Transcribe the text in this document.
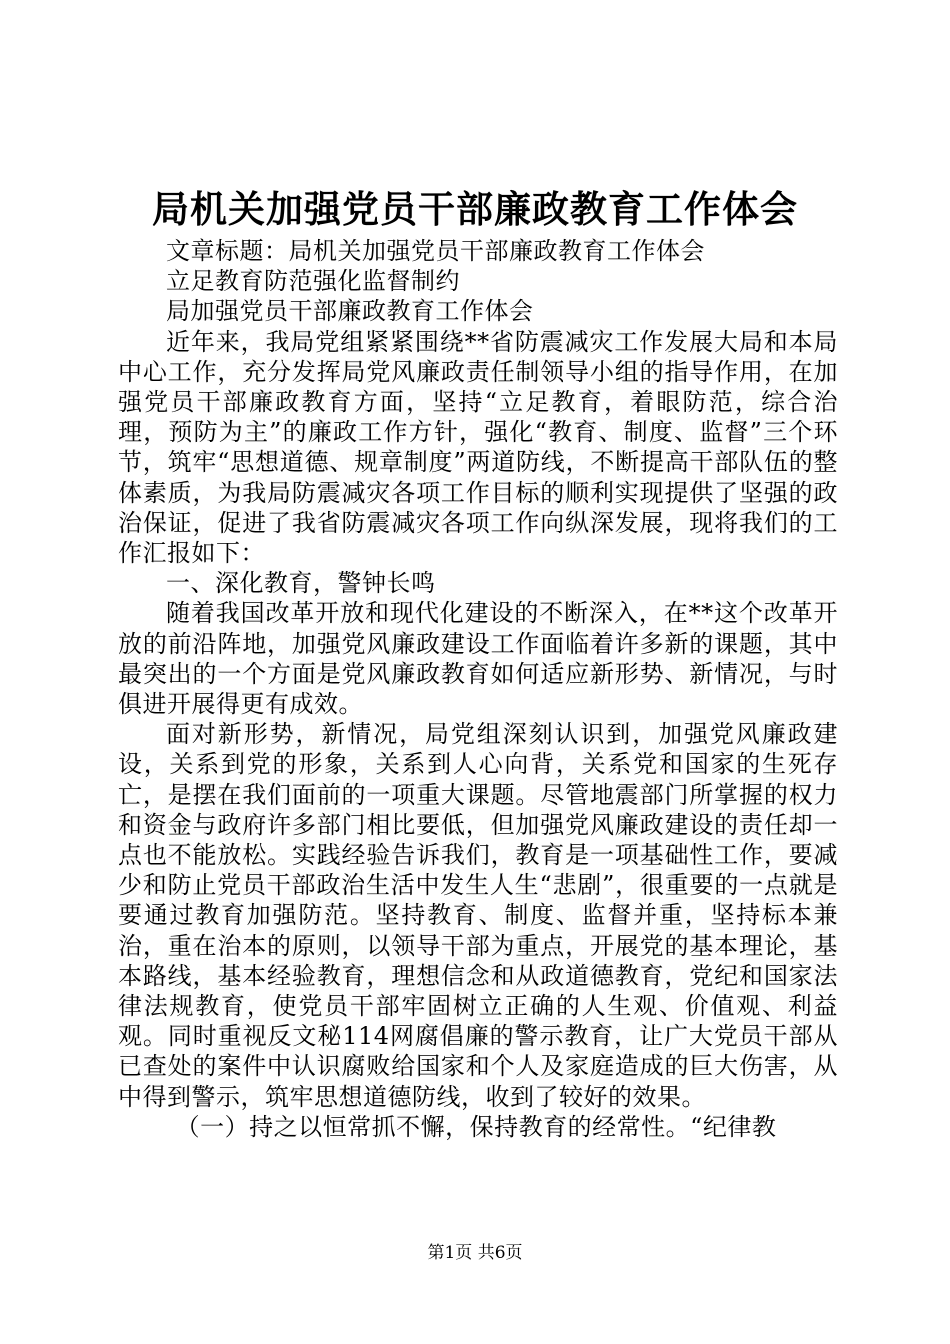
局机关加强党员干部廉政教育工作体会

文章标题：局机关加强党员干部廉政教育工作体会

立足教育防范强化监督制约

局加强党员干部廉政教育工作体会

近年来，我局党组紧紧围绕**省防震减灾工作发展大局和本局中心工作，充分发挥局党风廉政责任制领导小组的指导作用，在加强党员干部廉政教育方面，坚持“立足教育，着眼防范，综合治理，预防为主”的廉政工作方针，强化“教育、制度、监督”三个环节，筑牢“思想道德、规章制度”两道防线，不断提高干部队伍的整体素质，为我局防震减灾各项工作目标的顺利实现提供了坚强的政治保证，促进了我省防震减灾各项工作向纵深发展，现将我们的工作汇报如下：

一、深化教育，警钟长鸣

随着我国改革开放和现代化建设的不断深入，在**这个改革开放的前沿阵地，加强党风廉政建设工作面临着许多新的课题，其中最突出的一个方面是党风廉政教育如何适应新形势、新情况，与时俱进开展得更有成效。

面对新形势，新情况，局党组深刻认识到，加强党风廉政建设，关系到党的形象，关系到人心向背，关系党和国家的生死存亡，是摆在我们面前的一项重大课题。尽管地震部门所掌握的权力和资金与政府许多部门相比要低，但加强党风廉政建设的责任却一点也不能放松。实践经验告诉我们，教育是一项基础性工作，要减少和防止党员干部政治生活中发生人生“悲剧”，很重要的一点就是要通过教育加强防范。坚持教育、制度、监督并重，坚持标本兼治，重在治本的原则，以领导干部为重点，开展党的基本理论，基本路线，基本经验教育，理想信念和从政道德教育，党纪和国家法律法规教育，使党员干部牢固树立正确的人生观、价值观、利益观。同时重视反文秘114网腐倡廉的警示教育，让广大党员干部从已查处的案件中认识腐败给国家和个人及家庭造成的巨大伤害，从中得到警示，筑牢思想道德防线，收到了较好的效果。

（一）持之以恒常抓不懈，保持教育的经常性。“纪律教

第1页 共6页
